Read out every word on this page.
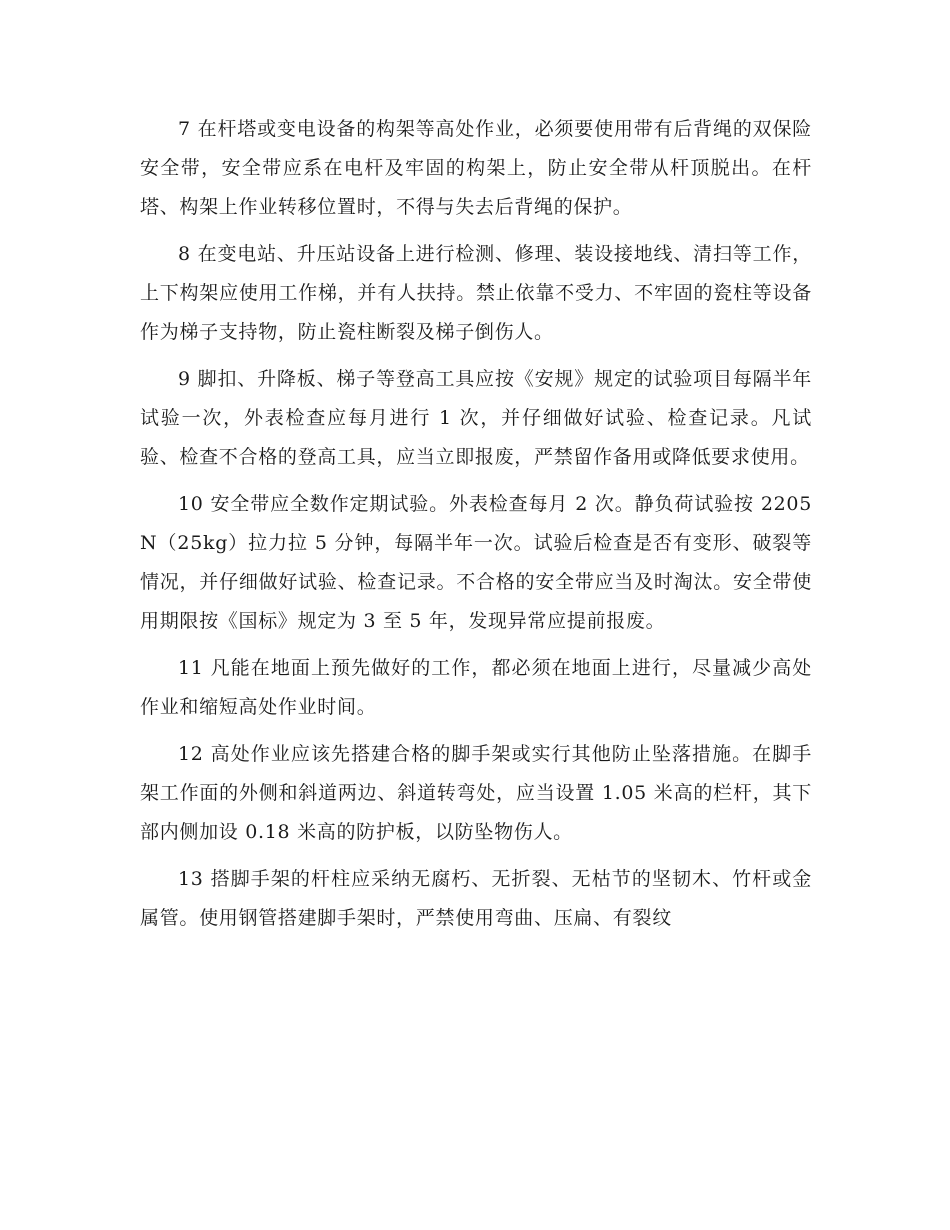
7 在杆塔或变电设备的构架等高处作业，必须要使用带有后背绳的双保险安全带，安全带应系在电杆及牢固的构架上，防止安全带从杆顶脱出。在杆塔、构架上作业转移位置时，不得与失去后背绳的保护。

8 在变电站、升压站设备上进行检测、修理、装设接地线、清扫等工作，上下构架应使用工作梯，并有人扶持。禁止依靠不受力、不牢固的瓷柱等设备作为梯子支持物，防止瓷柱断裂及梯子倒伤人。

9 脚扣、升降板、梯子等登高工具应按《安规》规定的试验项目每隔半年试验一次，外表检查应每月进行 1 次，并仔细做好试验、检查记录。凡试验、检查不合格的登高工具，应当立即报废，严禁留作备用或降低要求使用。

10 安全带应全数作定期试验。外表检查每月 2 次。静负荷试验按 2205N（25kg）拉力拉 5 分钟，每隔半年一次。试验后检查是否有变形、破裂等情况，并仔细做好试验、检查记录。不合格的安全带应当及时淘汰。安全带使用期限按《国标》规定为 3 至 5 年，发现异常应提前报废。

11 凡能在地面上预先做好的工作，都必须在地面上进行，尽量减少高处作业和缩短高处作业时间。

12 高处作业应该先搭建合格的脚手架或实行其他防止坠落措施。在脚手架工作面的外侧和斜道两边、斜道转弯处，应当设置 1.05 米高的栏杆，其下部内侧加设 0.18 米高的防护板，以防坠物伤人。

13 搭脚手架的杆柱应采纳无腐朽、无折裂、无枯节的坚韧木、竹杆或金属管。使用钢管搭建脚手架时，严禁使用弯曲、压扁、有裂纹
